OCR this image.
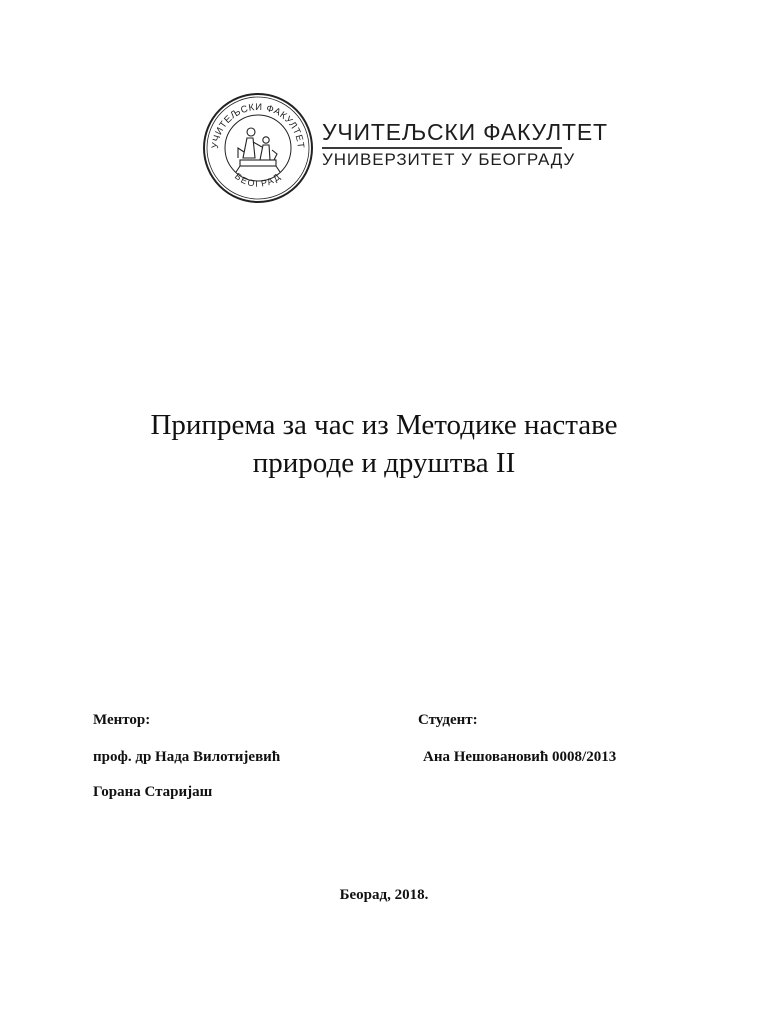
УЧИТЕЉСКИ ФАКУЛТЕТ
БЕОГРАД
УЧИТЕЉСКИ ФАКУЛТЕТ
УНИВЕРЗИТЕТ У БЕОГРАДУ
Припрема за час из Методике наставе
природе и друштва II
Ментор:
проф. др Нада Вилотијевић
Горана Старијаш
Студент:
Ана Нешовановић 0008/2013
Беорад, 2018.
